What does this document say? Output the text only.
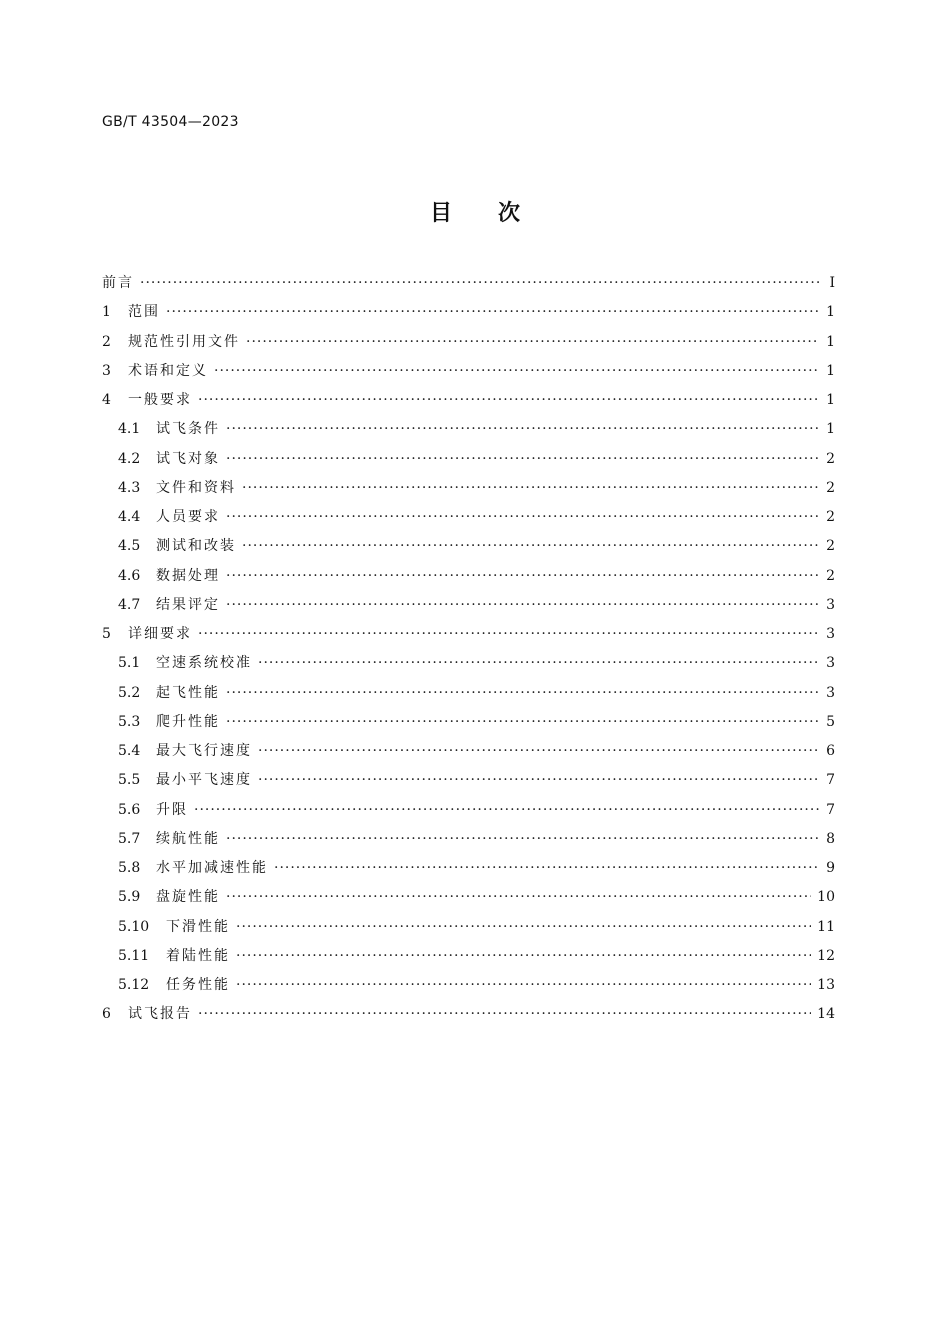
GB/T 43504—2023
目次
前言 ·····	Ⅰ
1	范围 ·····	1
2	规范性引用文件 ·····	1
3	术语和定义 ·····	1
4	一般要求 ·····	1
4.1	试飞条件 ·····	1
4.2	试飞对象 ·····	2
4.3	文件和资料 ·····	2
4.4	人员要求 ·····	2
4.5	测试和改装 ·····	2
4.6	数据处理 ·····	2
4.7	结果评定 ·····	3
5	详细要求 ·····	3
5.1	空速系统校准 ·····	3
5.2	起飞性能 ·····	3
5.3	爬升性能 ·····	5
5.4	最大飞行速度 ·····	6
5.5	最小平飞速度 ·····	7
5.6	升限 ·····	7
5.7	续航性能 ·····	8
5.8	水平加减速性能 ·····	9
5.9	盘旋性能 ·····	10
5.10	下滑性能 ·····	11
5.11	着陆性能 ·····	12
5.12	任务性能 ·····	13
6	试飞报告 ·····	14
